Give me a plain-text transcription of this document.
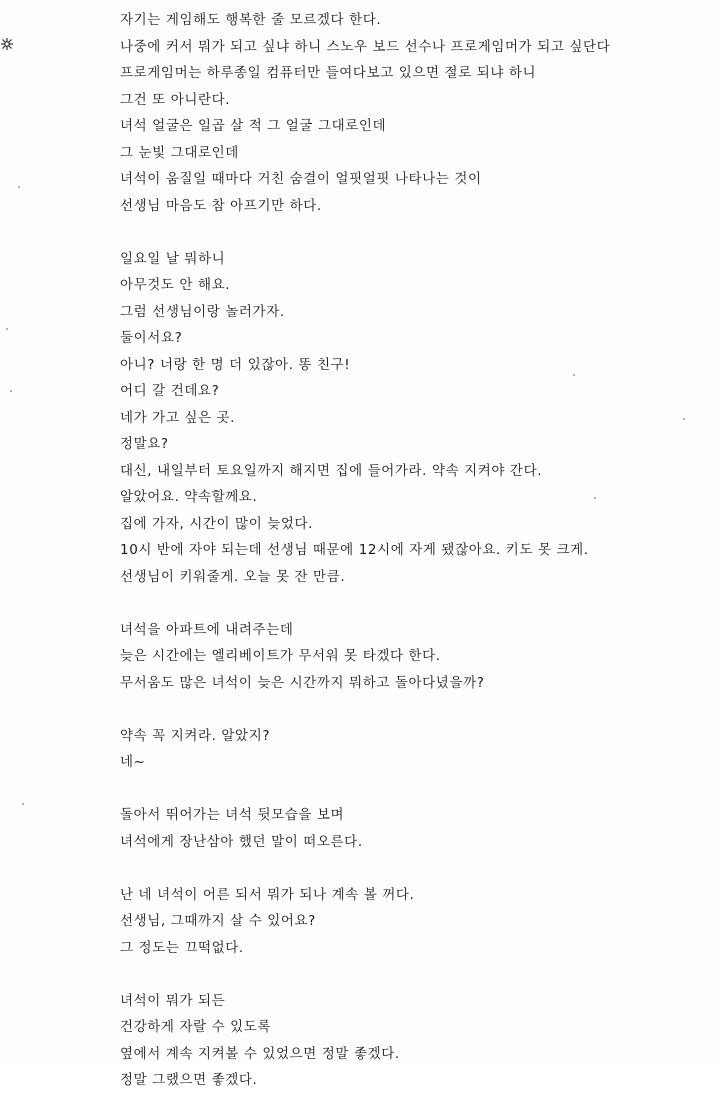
자기는 게임해도 행복한 줄 모르겠다 한다.
나중에 커서 뭐가 되고 싶냐 하니 스노우 보드 선수나 프로게임머가 되고 싶단다
프로게임머는 하루종일 컴퓨터만 들여다보고 있으면 절로 되냐 하니
그건 또 아니란다.
녀석 얼굴은 일곱 살 적 그 얼굴 그대로인데
그 눈빛 그대로인데
녀석이 움질일 때마다 거친 숨결이 얼핏얼핏 나타나는 것이
선생님 마음도 참 아프기만 하다.
일요일 날 뭐하니
아무것도 안 해요.
그럼 선생님이랑 놀러가자.
둘이서요?
아니? 너랑 한 명 더 있잖아. 똥 친구!
어디 갈 건데요?
네가 가고 싶은 곳.
정말요?
대신, 내일부터 토요일까지 해지면 집에 들어가라. 약속 지켜야 간다.
알았어요. 약속할께요.
집에 가자, 시간이 많이 늦었다.
10시 반에 자야 되는데 선생님 때문에 12시에 자게 됐잖아요. 키도 못 크게.
선생님이 키워줄게. 오늘 못 잔 만큼.
녀석을 아파트에 내려주는데
늦은 시간에는 엘리베이트가 무서워 못 타겠다 한다.
무서움도 많은 녀석이 늦은 시간까지 뭐하고 돌아다녔을까?
약속 꼭 지켜라. 알았지?
네~
돌아서 뛰어가는 녀석 뒷모습을 보며
녀석에게 장난삼아 했던 말이 떠오른다.
난 네 녀석이 어른 되서 뭐가 되나 계속 볼 꺼다.
선생님, 그때까지 살 수 있어요?
그 정도는 끄떡없다.
녀석이 뭐가 되든
건강하게 자랄 수 있도록
옆에서 계속 지켜볼 수 있었으면 정말 좋겠다.
정말 그랬으면 좋겠다.
